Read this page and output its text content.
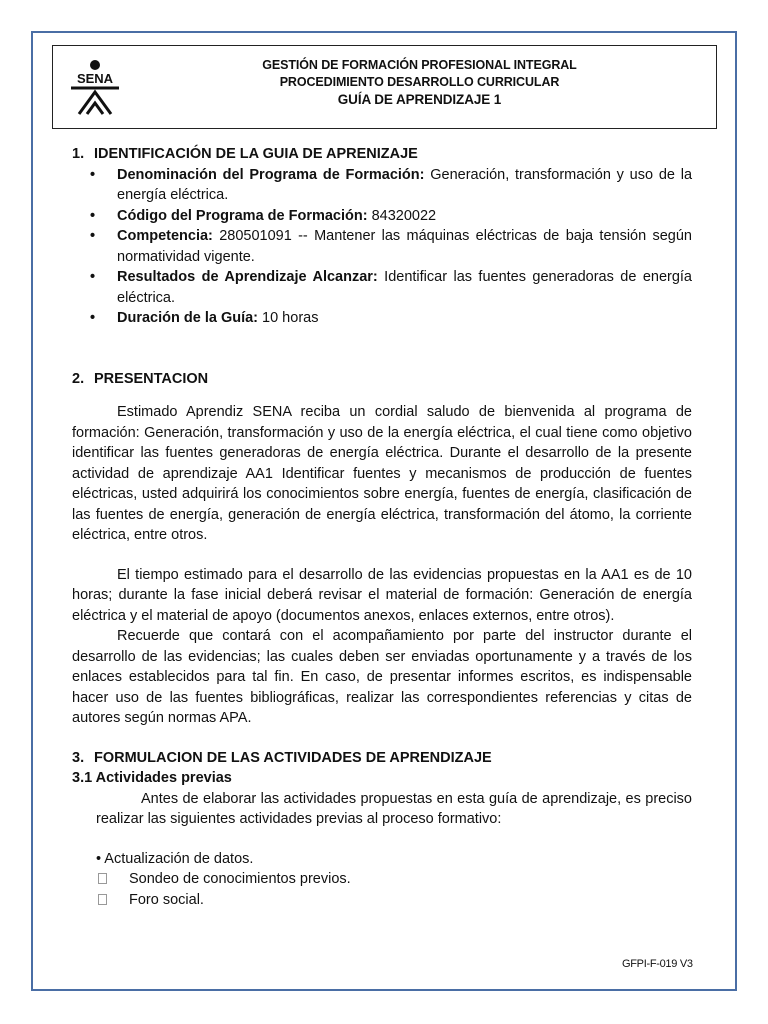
SENA
GESTIÓN DE FORMACIÓN PROFESIONAL INTEGRAL
PROCEDIMIENTO DESARROLLO CURRICULAR
GUÍA DE APRENDIZAJE 1
1. IDENTIFICACIÓN DE LA GUIA DE APRENIZAJE
• Denominación del Programa de Formación: Generación, transformación y uso de la energía eléctrica.
• Código del Programa de Formación: 84320022
• Competencia: 280501091 -- Mantener las máquinas eléctricas de baja tensión según normatividad vigente.
• Resultados de Aprendizaje Alcanzar: Identificar las fuentes generadoras de energía eléctrica.
• Duración de la Guía: 10 horas
2. PRESENTACION

Estimado Aprendiz SENA reciba un cordial saludo de bienvenida al programa de formación: Generación, transformación y uso de la energía eléctrica, el cual tiene como objetivo identificar las fuentes generadoras de energía eléctrica. Durante el desarrollo de la presente actividad de aprendizaje AA1 Identificar fuentes y mecanismos de producción de fuentes eléctricas, usted adquirirá los conocimientos sobre energía, fuentes de energía, clasificación de las fuentes de energía, generación de energía eléctrica, transformación del átomo, la corriente eléctrica, entre otros.

El tiempo estimado para el desarrollo de las evidencias propuestas en la AA1 es de 10 horas; durante la fase inicial deberá revisar el material de formación: Generación de energía eléctrica y el material de apoyo (documentos anexos, enlaces externos, entre otros).

Recuerde que contará con el acompañamiento por parte del instructor durante el desarrollo de las evidencias; las cuales deben ser enviadas oportunamente y a través de los enlaces establecidos para tal fin. En caso, de presentar informes escritos, es indispensable hacer uso de las fuentes bibliográficas, realizar las correspondientes referencias y citas de autores según normas APA.

3. FORMULACION DE LAS ACTIVIDADES DE APRENDIZAJE

3.1 Actividades previas

Antes de elaborar las actividades propuestas en esta guía de aprendizaje, es preciso realizar las siguientes actividades previas al proceso formativo:

• Actualización de datos.
Sondeo de conocimientos previos.
Foro social.
GFPI-F-019 V3
